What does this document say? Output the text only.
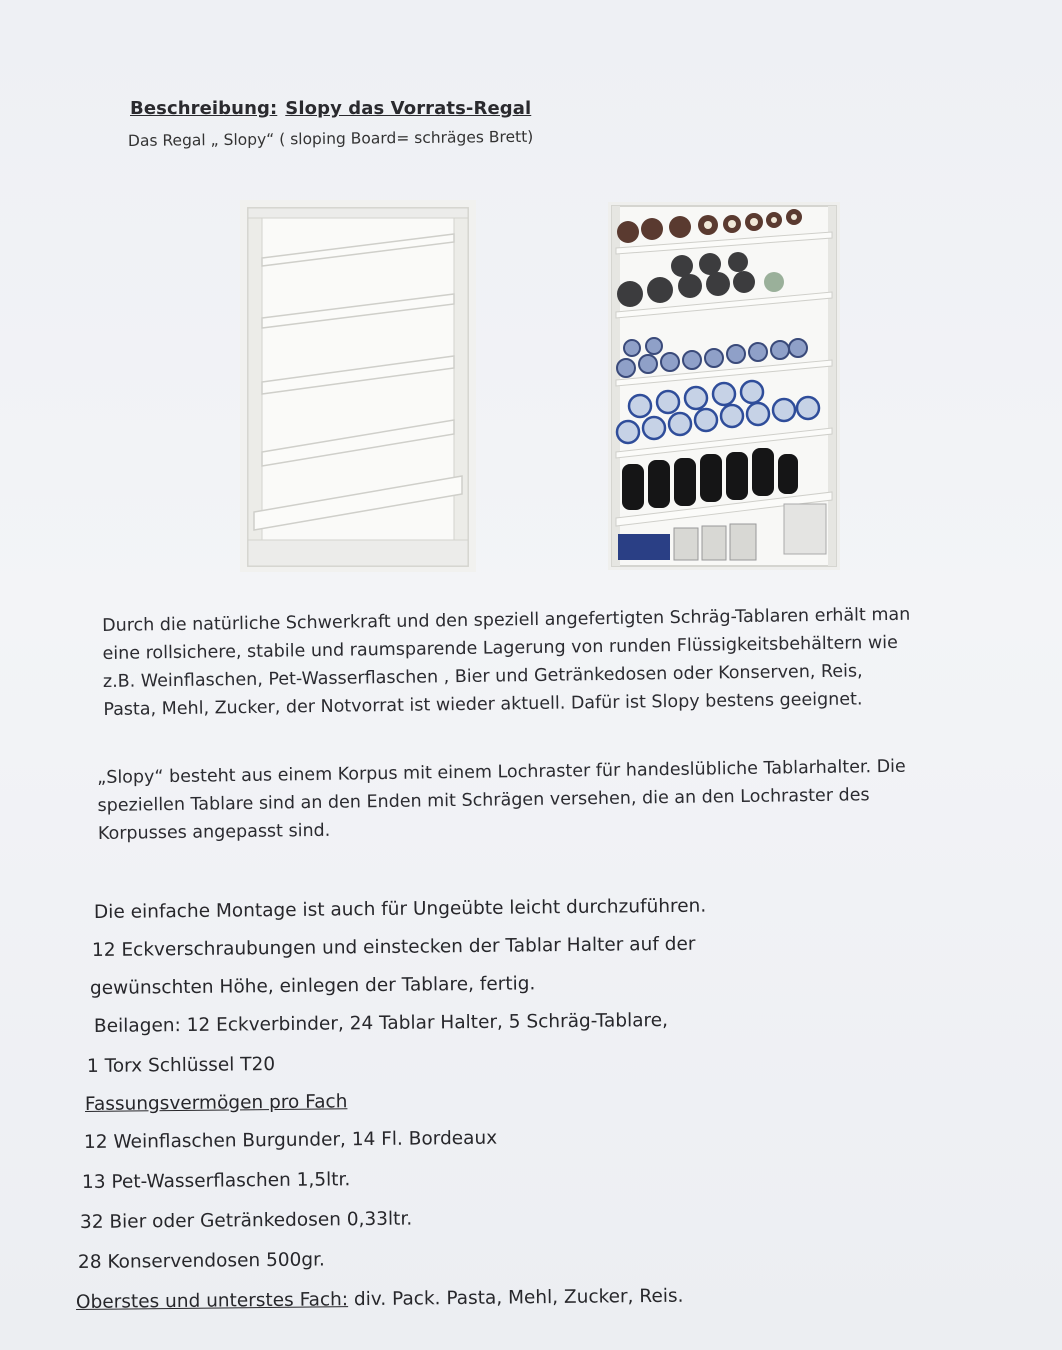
Beschreibung: Slopy das Vorrats-Regal
Das Regal „ Slopy“ ( sloping Board= schräges Brett)
Durch die natürliche Schwerkraft und den speziell angefertigten Schräg-Tablaren erhält man
eine rollsichere, stabile und raumsparende Lagerung von runden Flüssigkeitsbehältern wie
z.B. Weinflaschen, Pet-Wasserflaschen , Bier und Getränkedosen oder Konserven, Reis,
Pasta, Mehl, Zucker, der Notvorrat ist wieder aktuell. Dafür ist Slopy bestens geeignet.
„Slopy“ besteht aus einem Korpus mit einem Lochraster für handeslübliche Tablarhalter. Die
speziellen Tablare sind an den Enden mit Schrägen versehen, die an den Lochraster des
Korpusses angepasst sind.
Die einfache Montage ist auch für Ungeübte leicht durchzuführen.
12 Eckverschraubungen und einstecken der Tablar Halter auf der
gewünschten Höhe, einlegen der Tablare, fertig.
Beilagen: 12 Eckverbinder, 24 Tablar Halter, 5 Schräg-Tablare,
1 Torx Schlüssel T20
Fassungsvermögen pro Fach
12 Weinflaschen Burgunder, 14 Fl. Bordeaux
13 Pet-Wasserflaschen 1,5ltr.
32 Bier oder Getränkedosen 0,33ltr.
28 Konservendosen 500gr.
Oberstes und unterstes Fach: div. Pack. Pasta, Mehl, Zucker, Reis.
